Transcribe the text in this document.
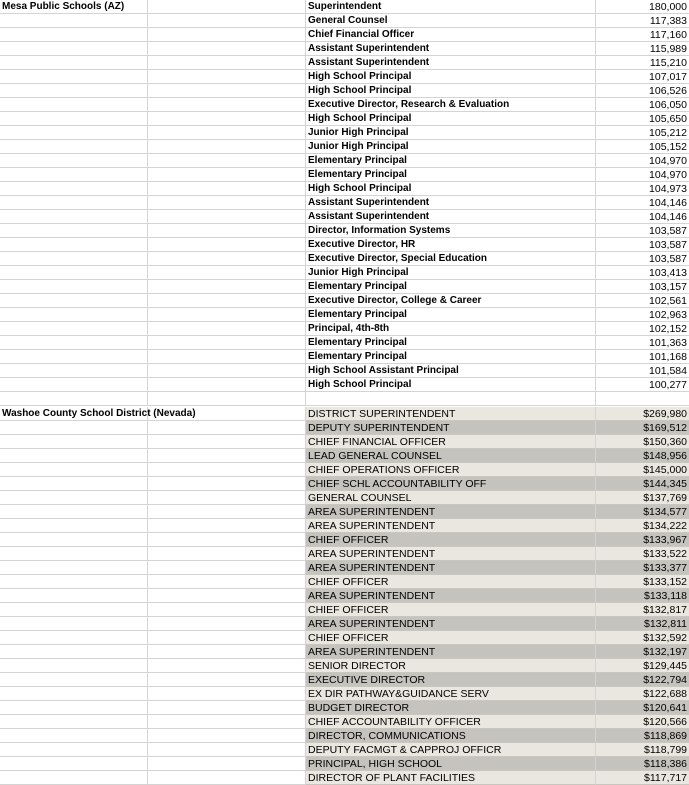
Mesa Public Schools (AZ)	Superintendent	180,000
General Counsel	117,383
Chief Financial Officer	117,160
Assistant Superintendent	115,989
Assistant Superintendent	115,210
High School Principal	107,017
High School Principal	106,526
Executive Director, Research & Evaluation	106,050
High School Principal	105,650
Junior High Principal	105,212
Junior High Principal	105,152
Elementary Principal	104,970
Elementary Principal	104,970
High School Principal	104,973
Assistant Superintendent	104,146
Assistant Superintendent	104,146
Director, Information Systems	103,587
Executive Director, HR	103,587
Executive Director, Special Education	103,587
Junior High Principal	103,413
Elementary Principal	103,157
Executive Director, College & Career	102,561
Elementary Principal	102,963
Principal, 4th-8th	102,152
Elementary Principal	101,363
Elementary Principal	101,168
High School Assistant Principal	101,584
High School Principal	100,277
Washoe County School District (Nevada)	DISTRICT SUPERINTENDENT	$269,980
DEPUTY SUPERINTENDENT	$169,512
CHIEF FINANCIAL OFFICER	$150,360
LEAD GENERAL COUNSEL	$148,956
CHIEF OPERATIONS OFFICER	$145,000
CHIEF SCHL ACCOUNTABILITY OFF	$144,345
GENERAL COUNSEL	$137,769
AREA SUPERINTENDENT	$134,577
AREA SUPERINTENDENT	$134,222
CHIEF OFFICER	$133,967
AREA SUPERINTENDENT	$133,522
AREA SUPERINTENDENT	$133,377
CHIEF OFFICER	$133,152
AREA SUPERINTENDENT	$133,118
CHIEF OFFICER	$132,817
AREA SUPERINTENDENT	$132,811
CHIEF OFFICER	$132,592
AREA SUPERINTENDENT	$132,197
SENIOR DIRECTOR	$129,445
EXECUTIVE DIRECTOR	$122,794
EX DIR PATHWAY&GUIDANCE SERV	$122,688
BUDGET DIRECTOR	$120,641
CHIEF ACCOUNTABILITY OFFICER	$120,566
DIRECTOR, COMMUNICATIONS	$118,869
DEPUTY FACMGT & CAPPROJ OFFICR	$118,799
PRINCIPAL, HIGH SCHOOL	$118,386
DIRECTOR OF PLANT FACILITIES	$117,717
